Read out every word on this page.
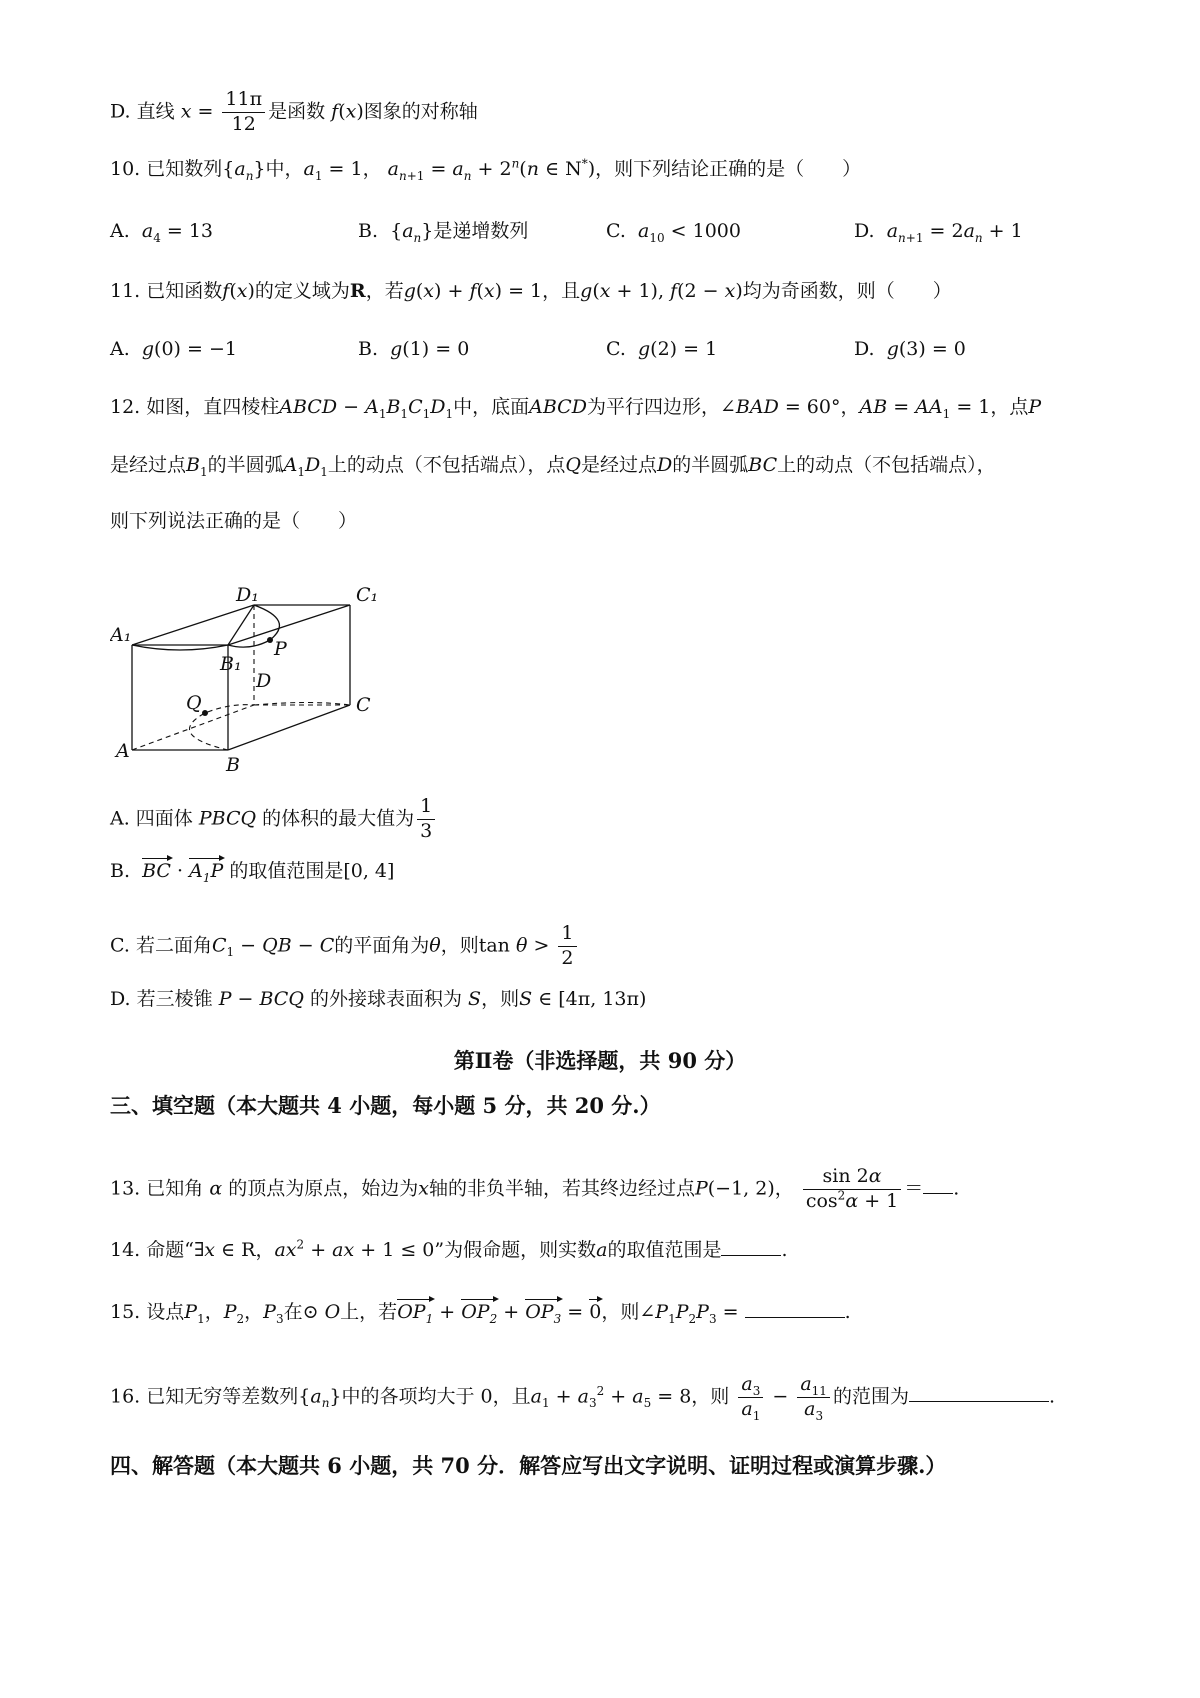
D. 直线 $x = \frac{11\pi}{12}$ 是函数 f(x)图象的对称轴
10. 已知数列$\{a_n\}$中，$a_1 = 1$， $a_{n+1} = a_n + 2^n(n$ ∈ N*)，则下列结论正确的是（　　）
A. $a_4 = 13$	B.  $\{a_n\}$是递增数列	C. $a_{10} < 1000$	D. $a_{n+1} = 2a_n + 1$
11. 已知函数f(x)的定义域为R，若g(x) + f(x) = 1，且g(x + 1), f(2 − x)均为奇函数，则（　　）
A. g(0) = −1	B. g(1) = 0	C. g(2) = 1	D. g(3) = 0
12. 如图，直四棱柱ABCD − $A_1B_1C_1D_1$中，底面ABCD为平行四边形，∠BAD = 60°，AB = $AA_1 = 1$，点P
是经过点$B_1$的半圆弧$A_1D_1$上的动点（不包括端点），点Q是经过点D的半圆弧BC上的动点（不包括端点），
则下列说法正确的是（　　）
D₁	C₁
A₁
B₁
P
D
Q	C
A
B
A. 四面体 PBCQ 的体积的最大值为 $\frac{1}{3}$
B. BC · $A_1P$ 的取值范围是[0, 4]
C. 若二面角$C_1$ − QB − C的平面角为θ，则$\tan \theta > \frac{1}{2}$
D. 若三棱锥 P − BCQ 的外接球表面积为 S，则S ∈ [4π, 13π)
第Ⅱ卷（非选择题，共 90 分）
三、填空题（本大题共 4 小题，每小题 5 分，共 20 分.）
13. 已知角 α 的顶点为原点，始边为x轴的非负半轴，若其终边经过点P(−1, 2)， $\frac{\sin 2\alpha}{\cos^2\alpha + 1}$ ＝ .
14. 命题“∃x ∈ R，$ax^2$ + ax + 1 ≤ 0”为假命题，则实数a的取值范围是	.
15. 设点$P_1$，$P_2$，$P_3$在⊙ O上，若$OP_1 + OP_2 + OP_3 = 0$，则$\angle P_1P_2P_3$ =	.
16. 已知无穷等差数列$\{a_n\}$中的各项均大于 0，且$a_1 + a_3^2 + a_5 = 8$，则 $\frac{a_3}{a_1} - \frac{a_{11}}{a_3}$ 的范围为	.
四、解答题（本大题共 6 小题，共 70 分．解答应写出文字说明、证明过程或演算步骤.）
